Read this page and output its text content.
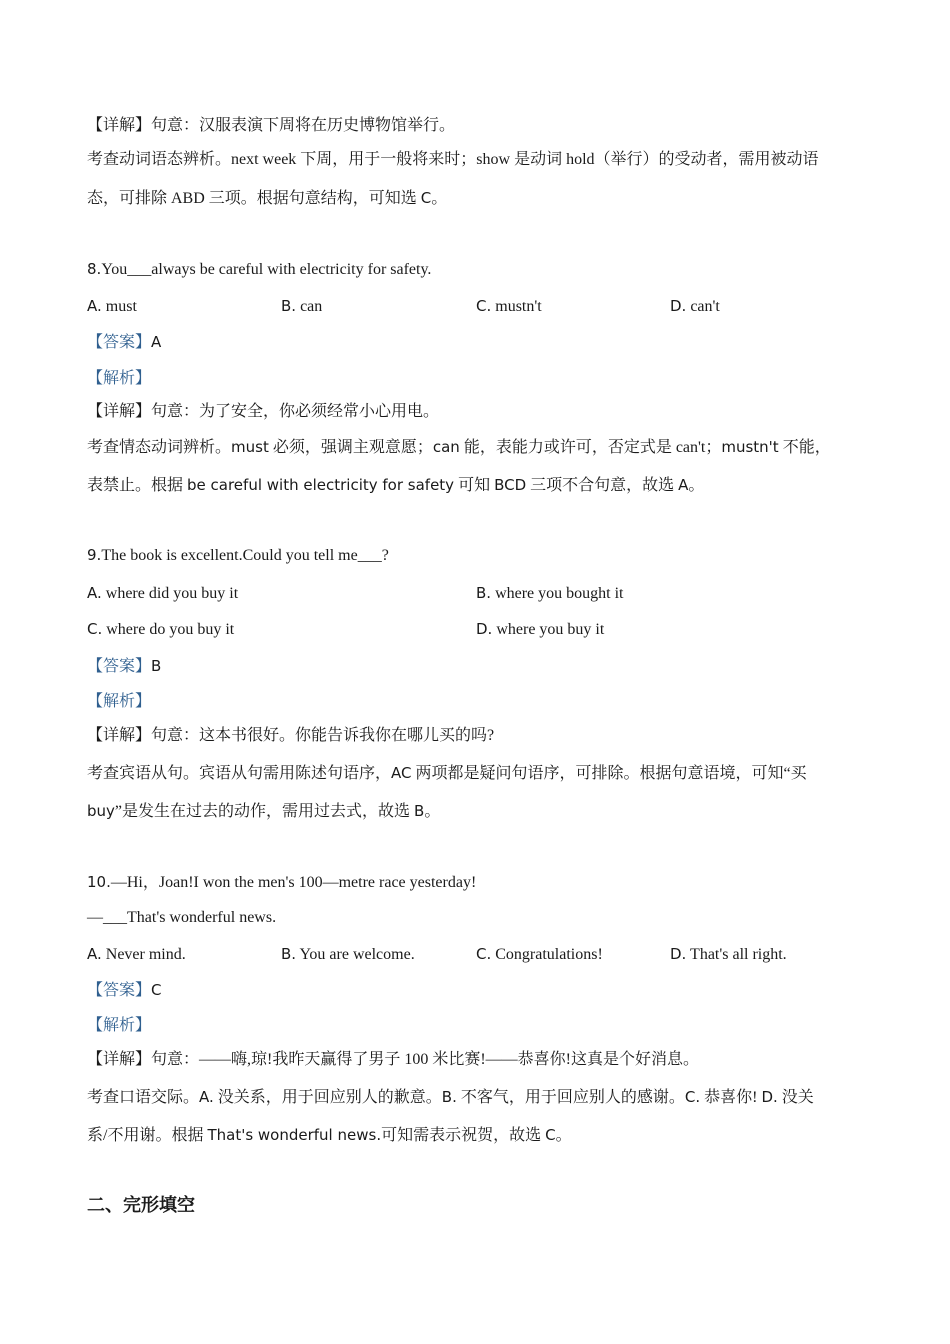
【详解】句意：汉服表演下周将在历史博物馆举行。
考查动词语态辨析。next week 下周，用于一般将来时；show 是动词 hold（举行）的受动者，需用被动语
态，可排除 ABD 三项。根据句意结构，可知选 C。
8.You___always be careful with electricity for safety.
A. must	B. can	C. mustn't	D. can't
【答案】A
【解析】
【详解】句意：为了安全，你必须经常小心用电。
考查情态动词辨析。must 必须，强调主观意愿；can 能，表能力或许可，否定式是 can't；mustn't 不能，
表禁止。根据 be careful with electricity for safety 可知 BCD 三项不合句意，故选 A。
9.The book is excellent.Could you tell me___?
A. where did you buy it	B. where you bought it
C. where do you buy it	D. where you buy it
【答案】B
【解析】
【详解】句意：这本书很好。你能告诉我你在哪儿买的吗?
考查宾语从句。宾语从句需用陈述句语序，AC 两项都是疑问句语序，可排除。根据句意语境，可知“买
buy”是发生在过去的动作，需用过去式，故选 B。
10.—Hi，Joan!I won the men's 100—metre race yesterday!
—___That's wonderful news.
A. Never mind.	B. You are welcome.	C. Congratulations!	D. That's all right.
【答案】C
【解析】
【详解】句意：——嗨,琼!我昨天赢得了男子 100 米比赛!——恭喜你!这真是个好消息。
考查口语交际。A. 没关系，用于回应别人的歉意。B. 不客气，用于回应别人的感谢。C. 恭喜你! D. 没关
系/不用谢。根据 That's wonderful news.可知需表示祝贺，故选 C。
二、完形填空
